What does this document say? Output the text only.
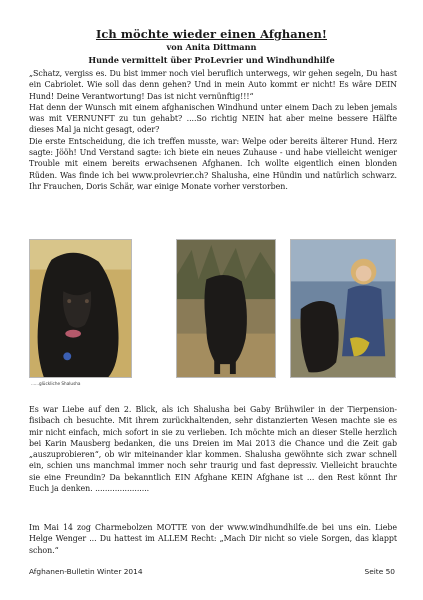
Ich möchte wieder einen Afghanen!
von Anita Dittmann
Hunde vermittelt über ProLevrier und Windhundhilfe

„Schatz, vergiss es. Du bist immer noch viel beruflich unterwegs, wir gehen segeln, Du hast ein Cabriolet. Wie soll das denn gehen? Und in mein Auto kommt er nicht! Es wäre DEIN Hund! Deine Verantwortung! Das ist nicht vernünftig!!!“

Hat denn der Wunsch mit einem afghanischen Windhund unter einem Dach zu leben jemals was mit VERNUNFT zu tun gehabt? ....So richtig NEIN hat aber meine bessere Hälfte dieses Mal ja nicht gesagt, oder?

Die erste Entscheidung, die ich treffen musste, war: Welpe oder bereits älterer Hund. Herz sagte: Jööh! Und Verstand sagte: ich biete ein neues Zuhause - und habe vielleicht weniger Trouble mit einem bereits erwachsenen Afghanen. Ich wollte eigentlich einen blonden Rüden. Was finde ich bei www.prolevrier.ch? Shalusha, eine Hündin und natürlich schwarz. Ihr Frauchen, Doris Schär, war einige Monate vorher verstorben.

......glückliche Shalusha

Es war Liebe auf den 2. Blick, als ich Shalusha bei Gaby Brühwiler in der Tierpension-fisibach ch besuchte. Mit ihrem zurückhaltenden, sehr distanzierten Wesen machte sie es mir nicht einfach, mich sofort in sie zu verlieben. Ich möchte mich an dieser Stelle herzlich bei Karin Mausberg bedanken, die uns Dreien im Mai 2013 die Chance und die Zeit gab „auszuprobieren“, ob wir miteinander klar kommen. Shalusha gewöhnte sich zwar schnell ein, schien uns manchmal immer noch sehr traurig und fast depressiv. Vielleicht brauchte sie eine Freundin? Da bekanntlich EIN Afghane KEIN Afghane ist ... den Rest könnt Ihr Euch ja denken. ......................

Im Mai 14 zog Charmebolzen MOTTE von der www.windhundhilfe.de bei uns ein. Liebe Helge Wenger ... Du hattest im ALLEM Recht: „Mach Dir nicht so viele Sorgen, das klappt schon.“

Afghanen-Bulletin Winter 2014	Seite 50
